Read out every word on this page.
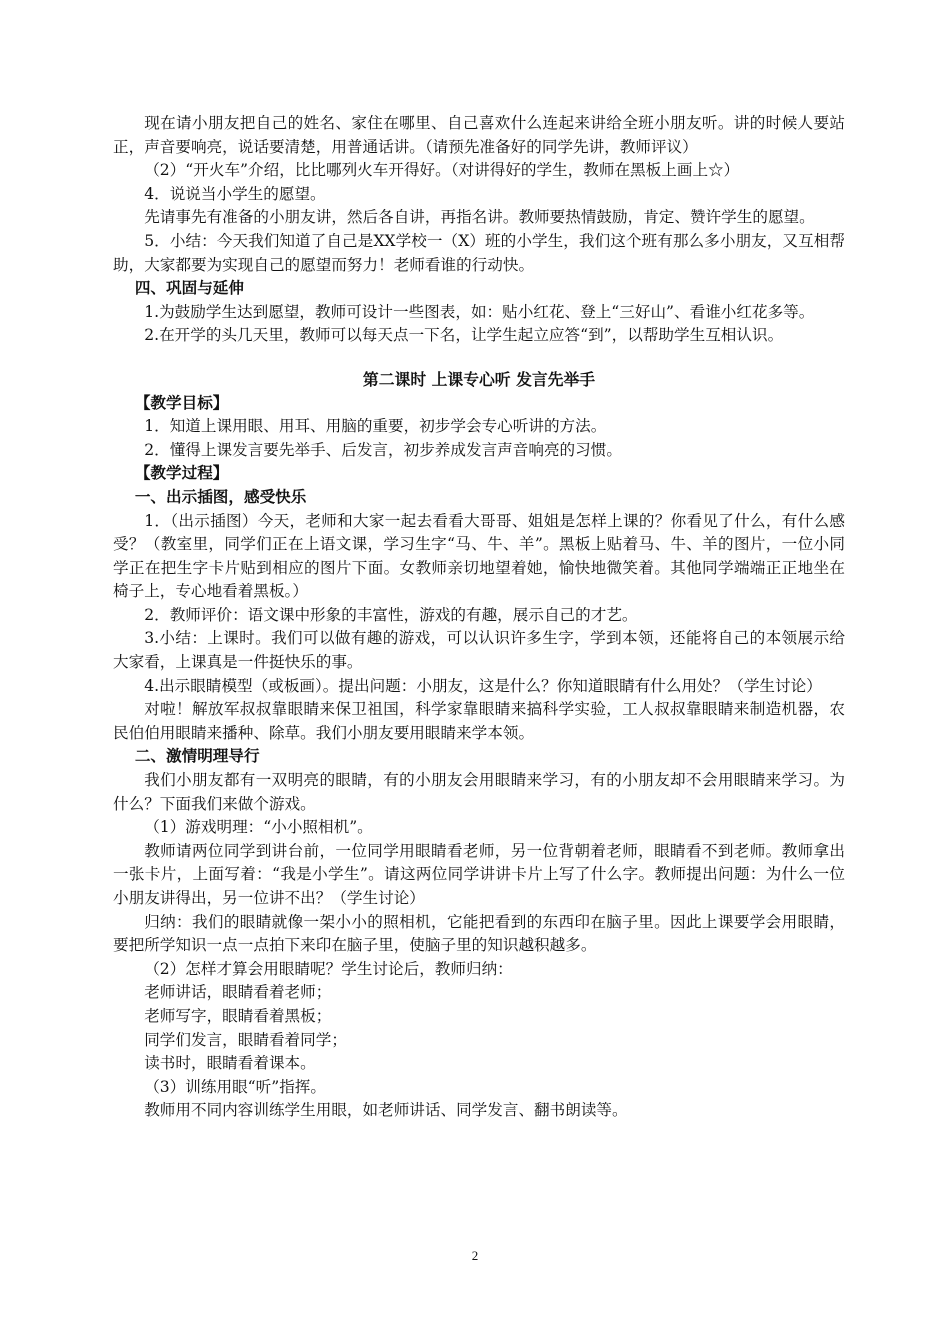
现在请小朋友把自己的姓名、家住在哪里、自己喜欢什么连起来讲给全班小朋友听。讲的时候人要站正，声音要响亮，说话要清楚，用普通话讲。（请预先准备好的同学先讲，教师评议）

（2）“开火车”介绍，比比哪列火车开得好。（对讲得好的学生，教师在黑板上画上☆）

4．说说当小学生的愿望。

先请事先有准备的小朋友讲，然后各自讲，再指名讲。教师要热情鼓励，肯定、赞许学生的愿望。

5．小结：今天我们知道了自己是XX学校一（X）班的小学生，我们这个班有那么多小朋友，又互相帮助，大家都要为实现自己的愿望而努力！老师看谁的行动快。

四、巩固与延伸

1.为鼓励学生达到愿望，教师可设计一些图表，如：贴小红花、登上“三好山”、看谁小红花多等。

2.在开学的头几天里，教师可以每天点一下名，让学生起立应答“到”，以帮助学生互相认识。

第二课时 上课专心听 发言先举手

【教学目标】

1．知道上课用眼、用耳、用脑的重要，初步学会专心听讲的方法。

2．懂得上课发言要先举手、后发言，初步养成发言声音响亮的习惯。

【教学过程】

一、出示插图，感受快乐

1．（出示插图）今天，老师和大家一起去看看大哥哥、姐姐是怎样上课的？你看见了什么，有什么感受？（教室里，同学们正在上语文课，学习生字“马、牛、羊”。黑板上贴着马、牛、羊的图片，一位小同学正在把生字卡片贴到相应的图片下面。女教师亲切地望着她，愉快地微笑着。其他同学端端正正地坐在椅子上，专心地看着黑板。）

2．教师评价：语文课中形象的丰富性，游戏的有趣，展示自己的才艺。

3.小结：上课时。我们可以做有趣的游戏，可以认识许多生字，学到本领，还能将自己的本领展示给大家看，上课真是一件挺快乐的事。

4.出示眼睛模型（或板画）。提出问题：小朋友，这是什么？你知道眼睛有什么用处？（学生讨论）

对啦！解放军叔叔靠眼睛来保卫祖国，科学家靠眼睛来搞科学实验，工人叔叔靠眼睛来制造机器，农民伯伯用眼睛来播种、除草。我们小朋友要用眼睛来学本领。

二、激情明理导行

我们小朋友都有一双明亮的眼睛，有的小朋友会用眼睛来学习，有的小朋友却不会用眼睛来学习。为什么？下面我们来做个游戏。

（1）游戏明理：“小小照相机”。

教师请两位同学到讲台前，一位同学用眼睛看老师，另一位背朝着老师，眼睛看不到老师。教师拿出一张卡片，上面写着：“我是小学生”。请这两位同学讲讲卡片上写了什么字。教师提出问题：为什么一位小朋友讲得出，另一位讲不出？（学生讨论）

归纳：我们的眼睛就像一架小小的照相机，它能把看到的东西印在脑子里。因此上课要学会用眼睛，要把所学知识一点一点拍下来印在脑子里，使脑子里的知识越积越多。

（2）怎样才算会用眼睛呢？学生讨论后，教师归纳：

老师讲话，眼睛看着老师；

老师写字，眼睛看着黑板；

同学们发言，眼睛看着同学；

读书时，眼睛看着课本。

（3）训练用眼“听”指挥。

教师用不同内容训练学生用眼，如老师讲话、同学发言、翻书朗读等。

2
